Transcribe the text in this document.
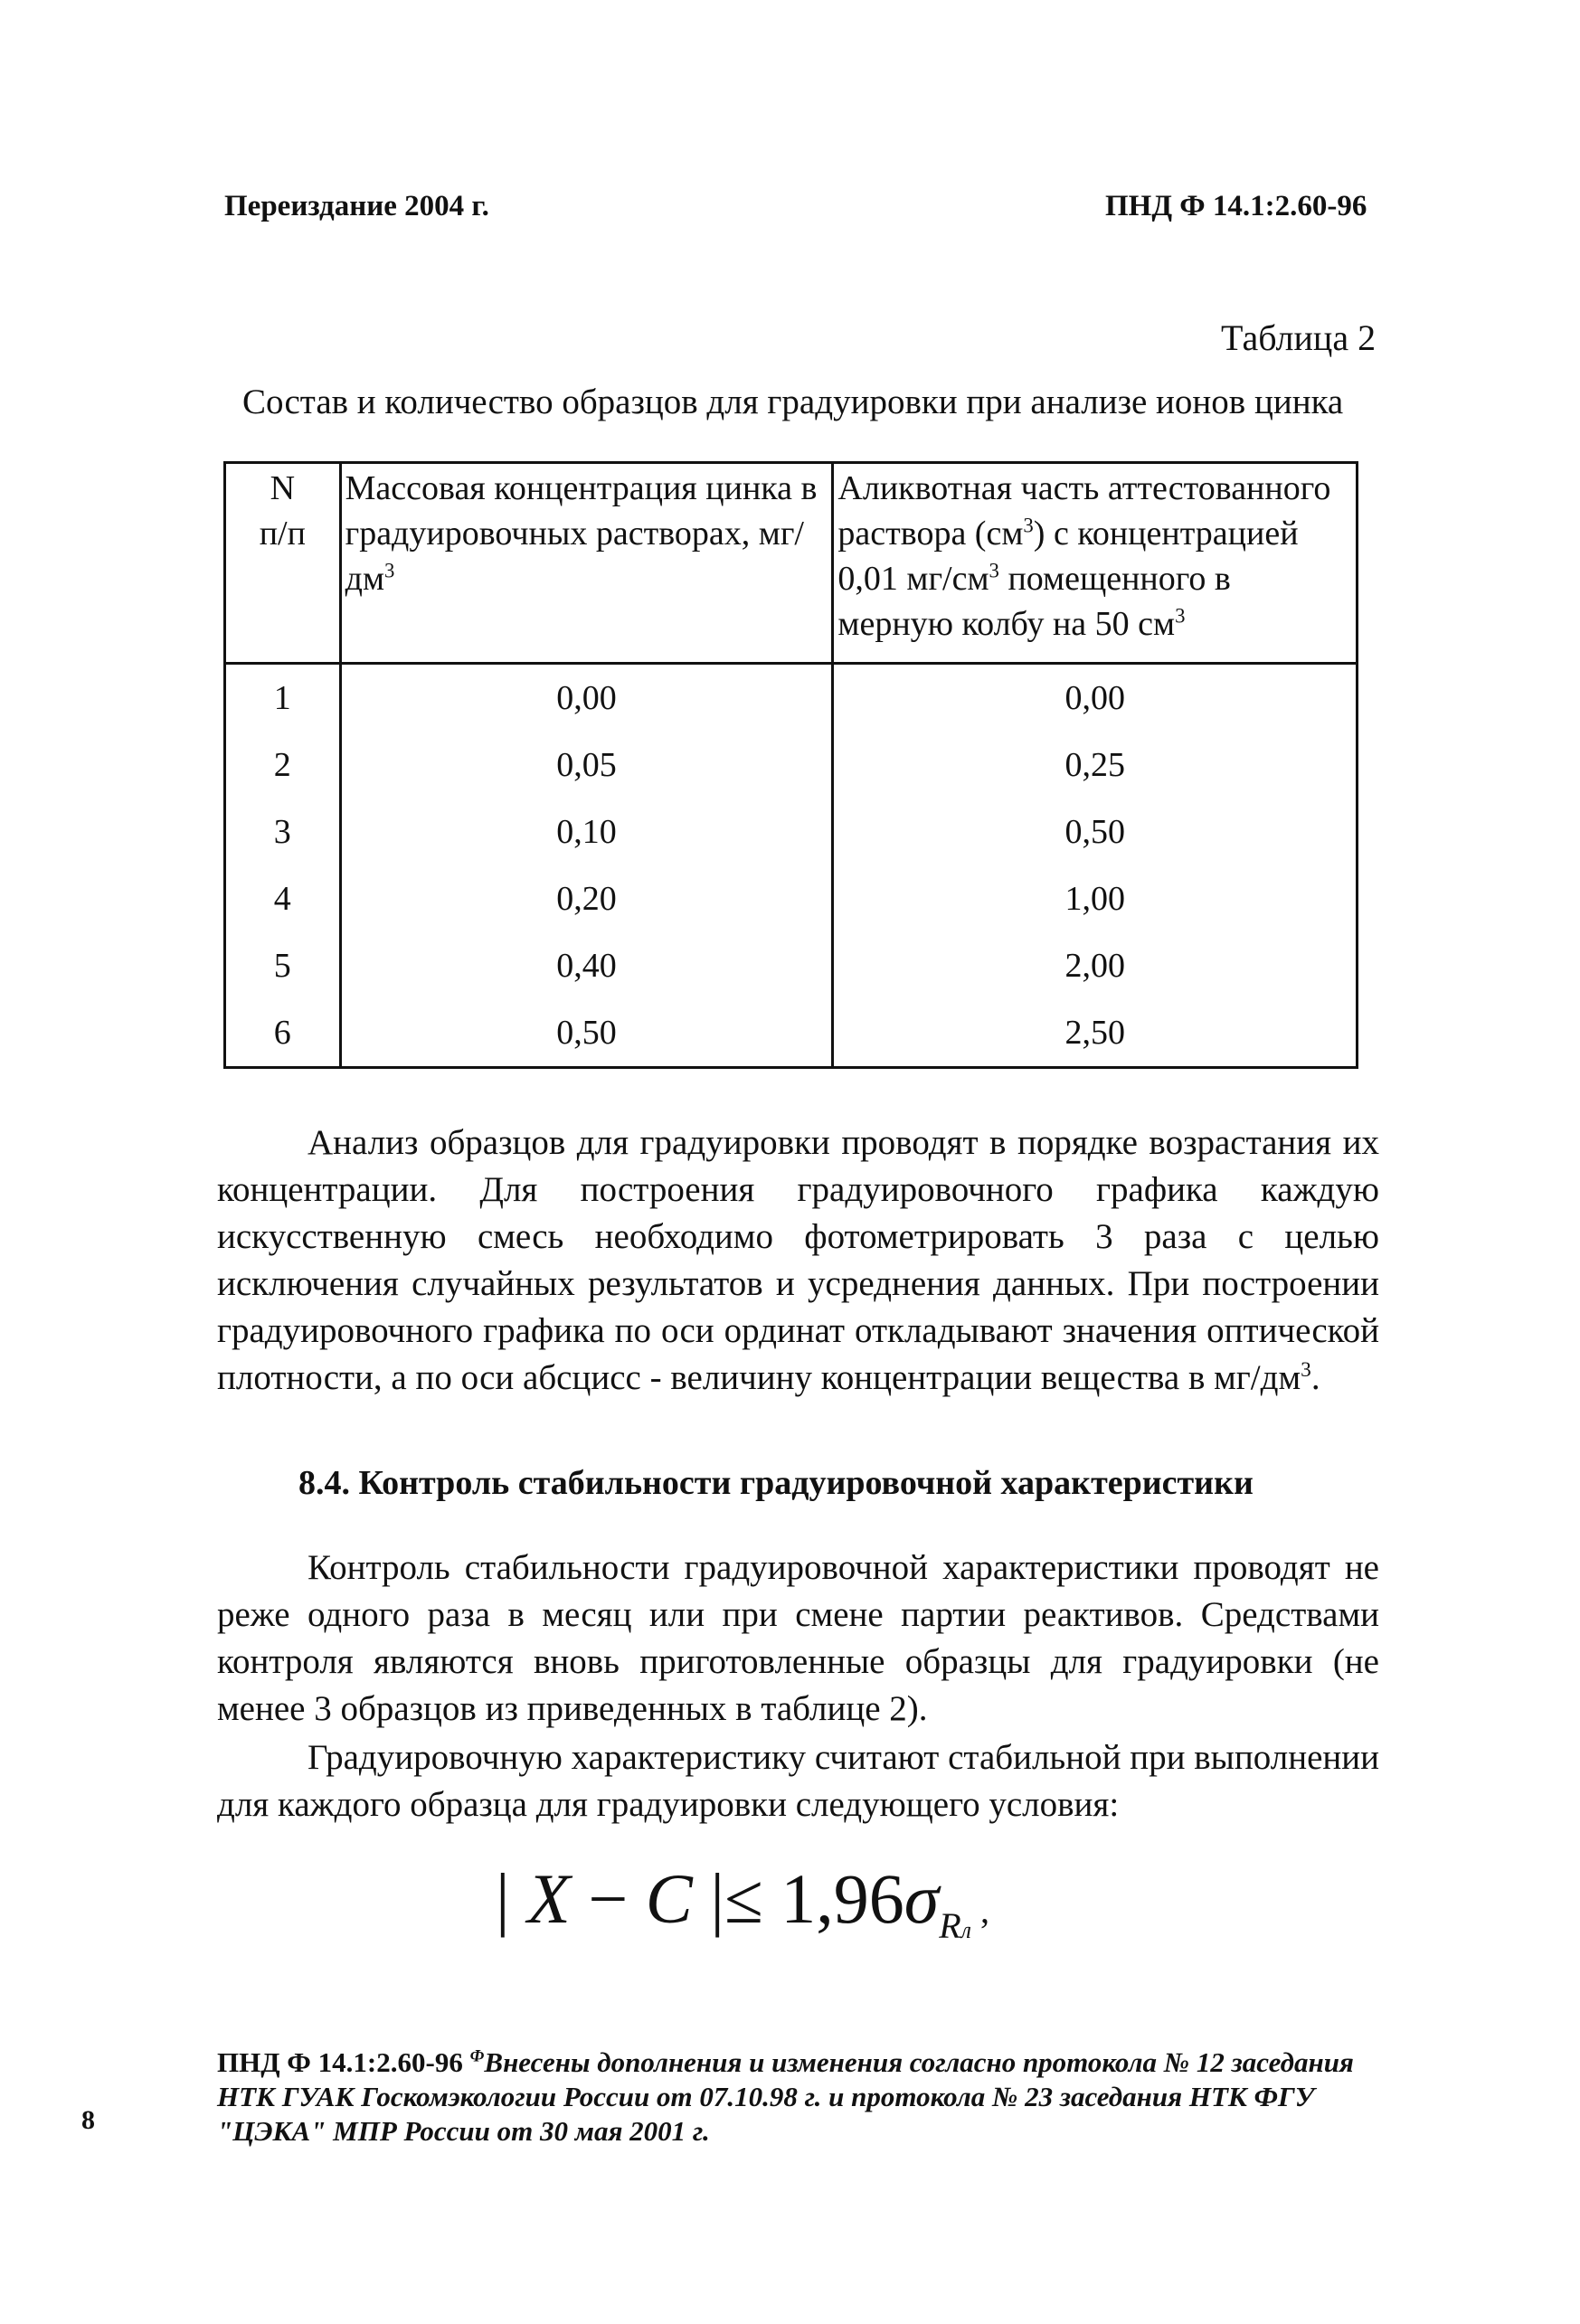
Переиздание 2004 г.	ПНД Ф 14.1:2.60-96
Таблица 2
Состав и количество образцов для градуировки при анализе ионов цинка
N
п/п	Массовая концентрация цинка в градуировочных растворах, $мг/дм^3$	Аликвотная часть аттестованного раствора $(см^3)$ с концентрацией 0,01 $мг/см^3$ помещенного в мерную колбу на 50 $см^3$
1	0,00	0,00
2	0,05	0,25
3	0,10	0,50
4	0,20	1,00
5	0,40	2,00
6	0,50	2,50

Анализ образцов для градуировки проводят в порядке возрастания их концентрации. Для построения градуировочного графика каждую искусственную смесь необходимо фотометрировать 3 раза с целью исключения случайных результатов и усреднения данных. При построении градуировочного графика по оси ординат откладывают значения оптической плотности, а по оси абсцисс - величину концентрации вещества в $мг/дм^3$.

8.4. Контроль стабильности градуировочной характеристики

Контроль стабильности градуировочной характеристики проводят не реже одного раза в месяц или при смене партии реактивов. Средствами контроля являются вновь приготовленные образцы для градуировки (не менее 3 образцов из приведенных в таблице 2).

Градуировочную характеристику считают стабильной при выполнении для каждого образца для градуировки следующего условия:

| X − C |≤ $1,96\sigma_{Rл}$ ,
ПНД Ф 14.1:2.60-96 $^Ф$Внесены дополнения и изменения согласно протокола № 12 заседания НТК ГУАК Госкомэкологии России от 07.10.98 г. и протокола № 23 заседания НТК ФГУ "ЦЭКА" МПР России от 30 мая 2001 г.
8
